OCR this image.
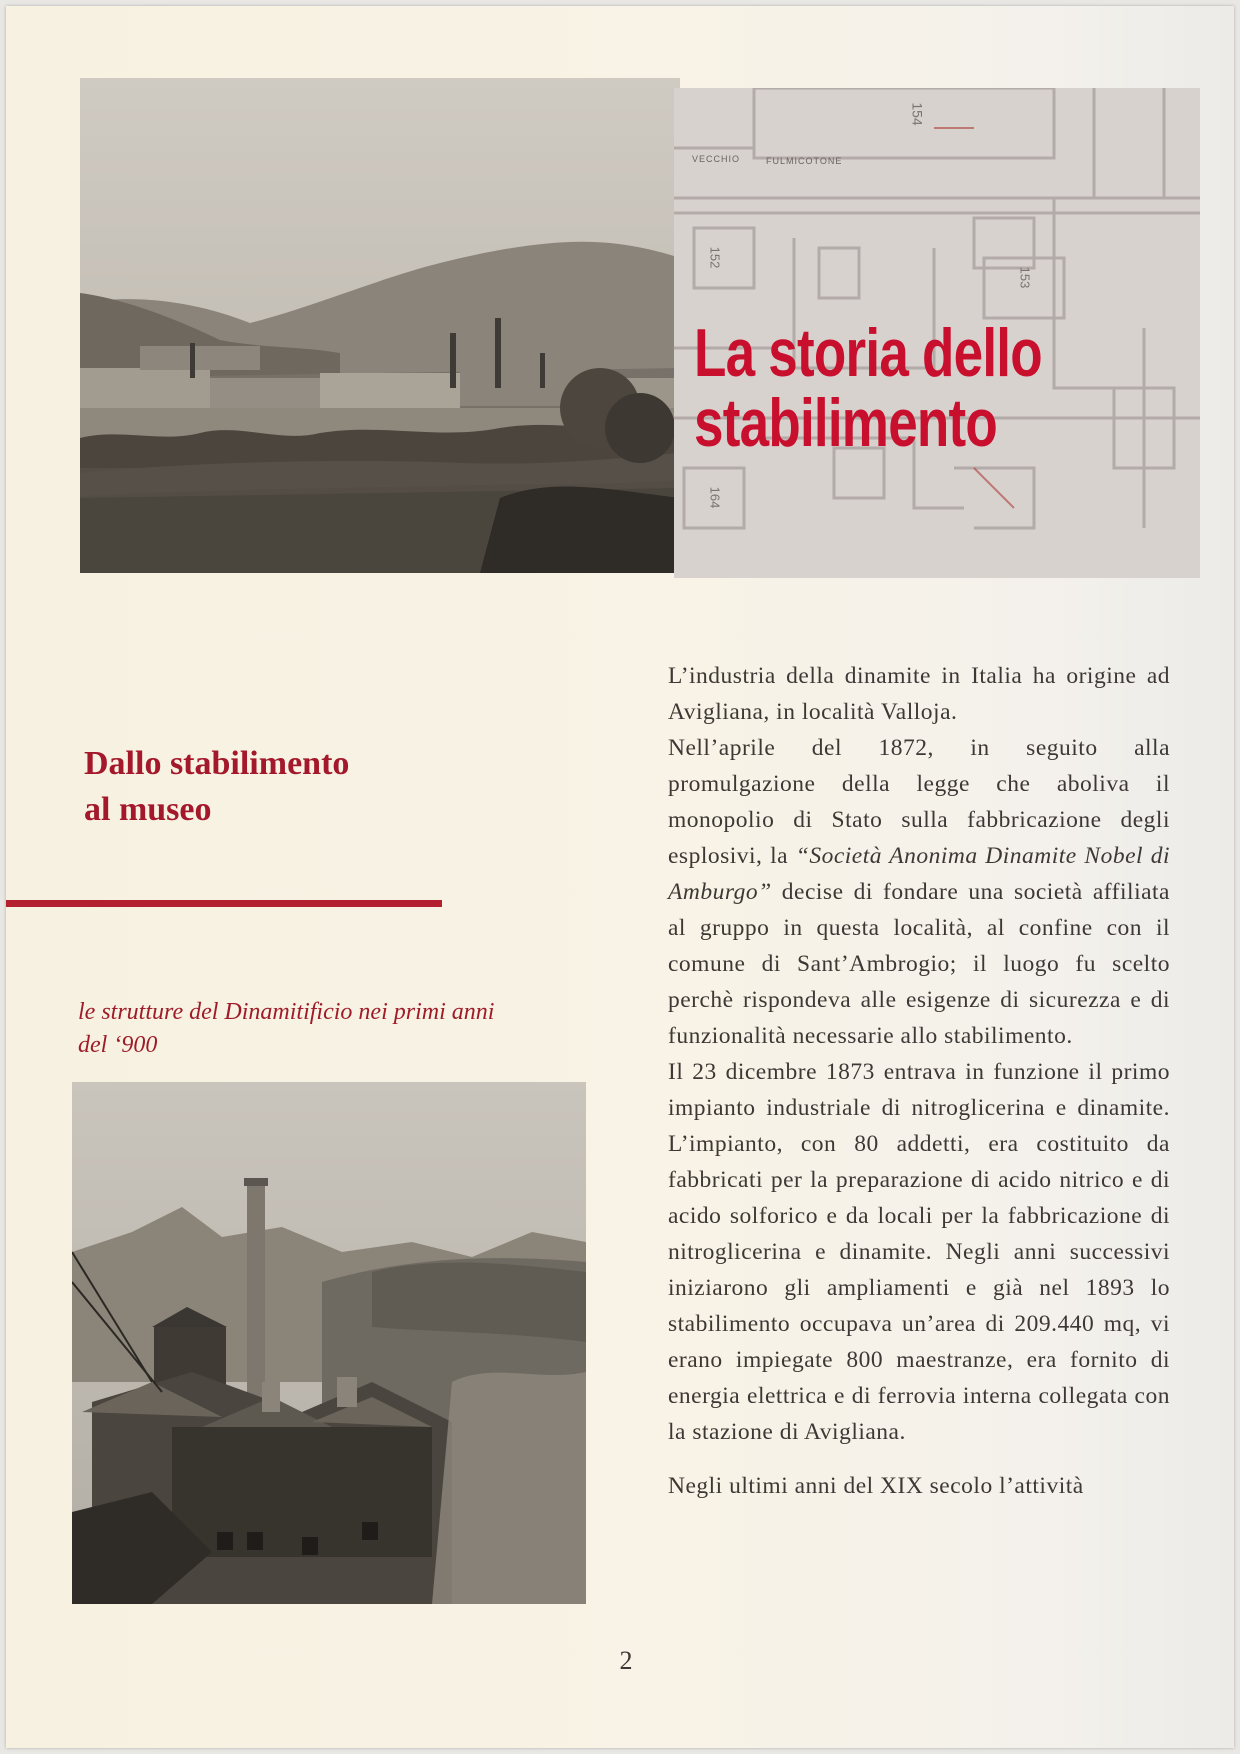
VECCHIO	FULMICOTONE
154
153
152
164
La storia dello
stabilimento
Dallo stabilimento
al museo

le strutture del Dinamitificio nei primi anni
del ‘900

L’industria della dinamite in Italia ha origine ad Avigliana, in località Valloja.

Nell’aprile del 1872, in seguito alla promulgazione della legge che aboliva il monopolio di Stato sulla fabbricazione degli esplosivi, la “Società Anonima Dinamite Nobel di Amburgo” decise di fondare una società affiliata al gruppo in questa località, al confine con il comune di Sant’Ambrogio; il luogo fu scelto perchè rispondeva alle esigenze di sicurezza e di funzionalità necessarie allo stabilimento.

Il 23 dicembre 1873 entrava in funzione il primo impianto industriale di nitroglicerina e dinamite. L’impianto, con 80 addetti, era costituito da fabbricati per la preparazione di acido nitrico e di acido solforico e da locali per la fabbricazione di nitroglicerina e dinamite. Negli anni successivi iniziarono gli ampliamenti e già nel 1893 lo stabilimento occupava un’area di 209.440 mq, vi erano impiegate 800 maestranze, era fornito di energia elettrica e di ferrovia interna collegata con la stazione di Avigliana.

Negli ultimi anni del XIX secolo l’attività

2
